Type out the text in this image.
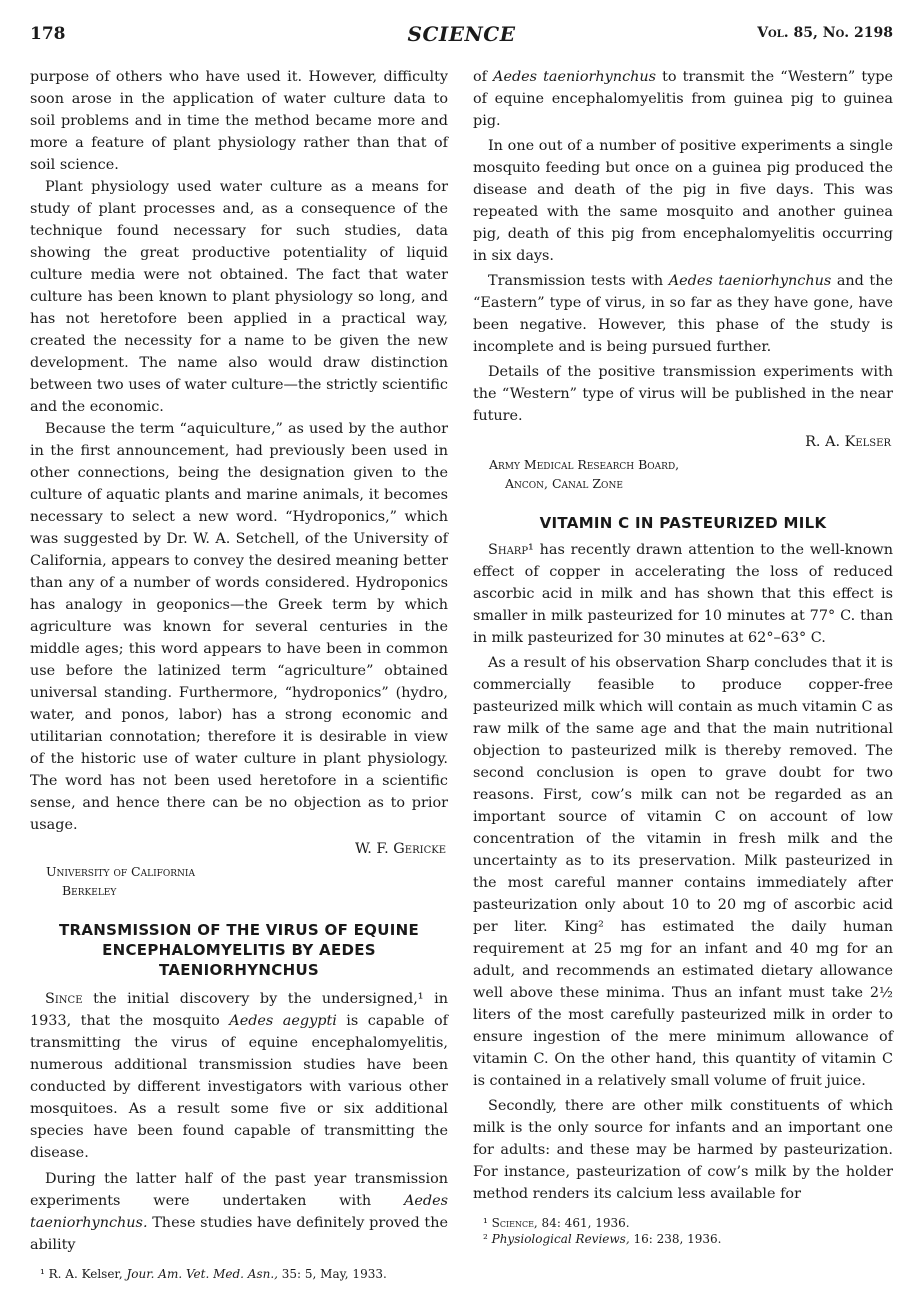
178	SCIENCE	Vol. 85, No. 2198

purpose of others who have used it. However, difficulty soon arose in the application of water culture data to soil problems and in time the method became more and more a feature of plant physiology rather than that of soil science.

Plant physiology used water culture as a means for study of plant processes and, as a consequence of the technique found necessary for such studies, data showing the great productive potentiality of liquid culture media were not obtained. The fact that water culture has been known to plant physiology so long, and has not heretofore been applied in a practical way, created the necessity for a name to be given the new development. The name also would draw distinction between two uses of water culture—the strictly scientific and the economic.

Because the term “aquiculture,” as used by the author in the first announcement, had previously been used in other connections, being the designation given to the culture of aquatic plants and marine animals, it becomes necessary to select a new word. “Hydroponics,” which was suggested by Dr. W. A. Setchell, of the University of California, appears to convey the desired meaning better than any of a number of words considered. Hydroponics has analogy in geoponics—the Greek term by which agriculture was known for several centuries in the middle ages; this word appears to have been in common use before the latinized term “agriculture” obtained universal standing. Furthermore, “hydroponics” (hydro, water, and ponos, labor) has a strong economic and utilitarian connotation; therefore it is desirable in view of the historic use of water culture in plant physiology. The word has not been used heretofore in a scientific sense, and hence there can be no objection as to prior usage.

W. F. Gericke

University of California
Berkeley

TRANSMISSION OF THE VIRUS OF EQUINE ENCEPHALOMYELITIS BY AEDES TAENIORHYNCHUS

Since the initial discovery by the undersigned,¹ in 1933, that the mosquito Aedes aegypti is capable of transmitting the virus of equine encephalomyelitis, numerous additional transmission studies have been conducted by different investigators with various other mosquitoes. As a result some five or six additional species have been found capable of transmitting the disease.

During the latter half of the past year transmission experiments were undertaken with Aedes taeniorhynchus. These studies have definitely proved the ability

¹ R. A. Kelser, Jour. Am. Vet. Med. Asn., 35: 5, May, 1933.

of Aedes taeniorhynchus to transmit the “Western” type of equine encephalomyelitis from guinea pig to guinea pig.

In one out of a number of positive experiments a single mosquito feeding but once on a guinea pig produced the disease and death of the pig in five days. This was repeated with the same mosquito and another guinea pig, death of this pig from encephalomyelitis occurring in six days.

Transmission tests with Aedes taeniorhynchus and the “Eastern” type of virus, in so far as they have gone, have been negative. However, this phase of the study is incomplete and is being pursued further.

Details of the positive transmission experiments with the “Western” type of virus will be published in the near future.

R. A. Kelser

Army Medical Research Board,
Ancon, Canal Zone

VITAMIN C IN PASTEURIZED MILK

Sharp¹ has recently drawn attention to the well-known effect of copper in accelerating the loss of reduced ascorbic acid in milk and has shown that this effect is smaller in milk pasteurized for 10 minutes at 77° C. than in milk pasteurized for 30 minutes at 62°–63° C.

As a result of his observation Sharp concludes that it is commercially feasible to produce copper-free pasteurized milk which will contain as much vitamin C as raw milk of the same age and that the main nutritional objection to pasteurized milk is thereby removed. The second conclusion is open to grave doubt for two reasons. First, cow’s milk can not be regarded as an important source of vitamin C on account of low concentration of the vitamin in fresh milk and the uncertainty as to its preservation. Milk pasteurized in the most careful manner contains immediately after pasteurization only about 10 to 20 mg of ascorbic acid per liter. King² has estimated the daily human requirement at 25 mg for an infant and 40 mg for an adult, and recommends an estimated dietary allowance well above these minima. Thus an infant must take 2½ liters of the most carefully pasteurized milk in order to ensure ingestion of the mere minimum allowance of vitamin C. On the other hand, this quantity of vitamin C is contained in a relatively small volume of fruit juice.

Secondly, there are other milk constituents of which milk is the only source for infants and an important one for adults: and these may be harmed by pasteurization. For instance, pasteurization of cow’s milk by the holder method renders its calcium less available for

¹ Science, 84: 461, 1936.

² Physiological Reviews, 16: 238, 1936.
